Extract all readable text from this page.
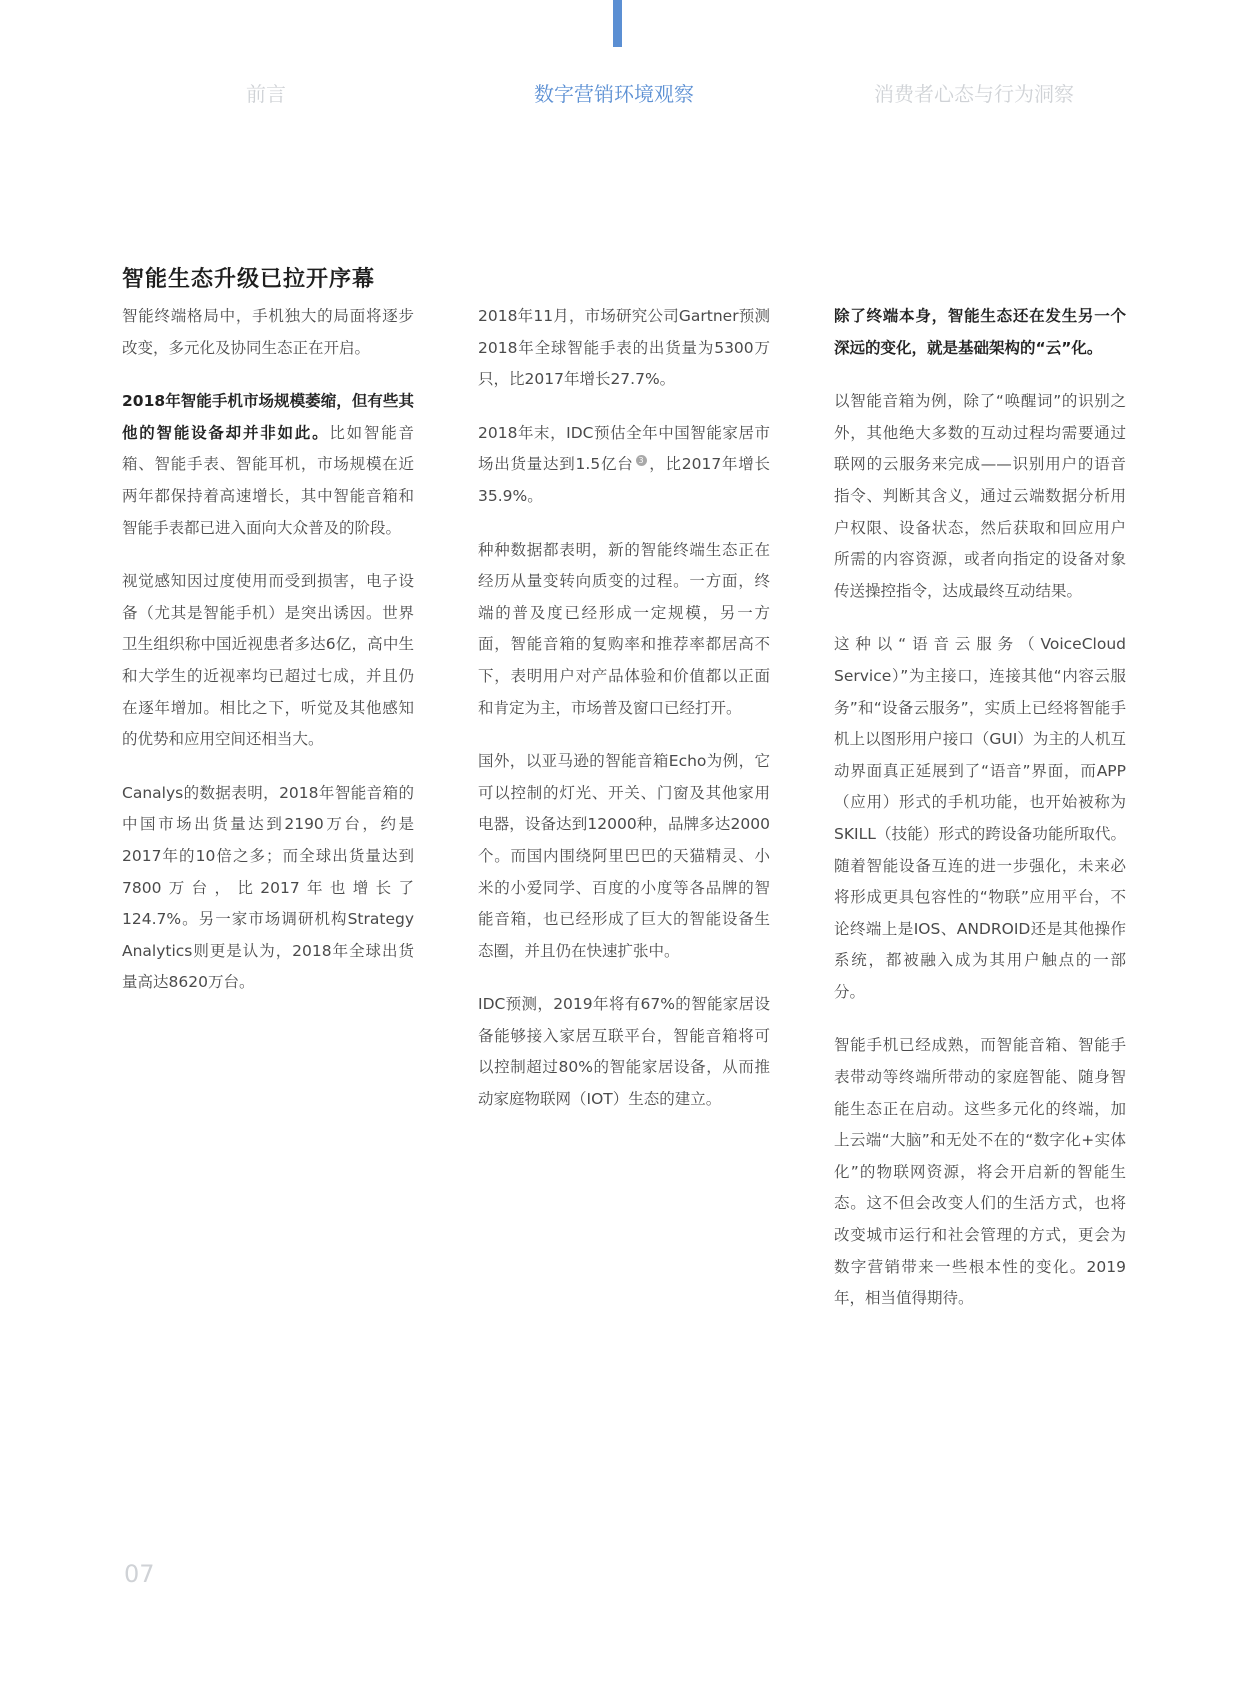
前言	数字营销环境观察	消费者心态与行为洞察
智能生态升级已拉开序幕

智能终端格局中，手机独大的局面将逐步改变，多元化及协同生态正在开启。

2018年智能手机市场规模萎缩，但有些其他的智能设备却并非如此。比如智能音箱、智能手表、智能耳机，市场规模在近两年都保持着高速增长，其中智能音箱和智能手表都已进入面向大众普及的阶段。

视觉感知因过度使用而受到损害，电子设备（尤其是智能手机）是突出诱因。世界卫生组织称中国近视患者多达6亿，高中生和大学生的近视率均已超过七成，并且仍在逐年增加。相比之下，听觉及其他感知的优势和应用空间还相当大。

Canalys的数据表明，2018年智能音箱的中国市场出货量达到2190万台，约是2017年的10倍之多；而全球出货量达到7800万台，比2017年也增长了124.7%。另一家市场调研机构Strategy Analytics则更是认为，2018年全球出货量高达8620万台。

2018年11月，市场研究公司Gartner预测2018年全球智能手表的出货量为5300万只，比2017年增长27.7%。

2018年末，IDC预估全年中国智能家居市场出货量达到1.5亿台 3 ，比2017年增长35.9%。

种种数据都表明，新的智能终端生态正在经历从量变转向质变的过程。一方面，终端的普及度已经形成一定规模，另一方面，智能音箱的复购率和推荐率都居高不下，表明用户对产品体验和价值都以正面和肯定为主，市场普及窗口已经打开。

国外，以亚马逊的智能音箱Echo为例，它可以控制的灯光、开关、门窗及其他家用电器，设备达到12000种，品牌多达2000个。而国内围绕阿里巴巴的天猫精灵、小米的小爱同学、百度的小度等各品牌的智能音箱，也已经形成了巨大的智能设备生态圈，并且仍在快速扩张中。

IDC预测，2019年将有67%的智能家居设备能够接入家居互联平台，智能音箱将可以控制超过80%的智能家居设备，从而推动家庭物联网（IOT）生态的建立。

除了终端本身，智能生态还在发生另一个深远的变化，就是基础架构的“云”化。

以智能音箱为例，除了“唤醒词”的识别之外，其他绝大多数的互动过程均需要通过联网的云服务来完成——识别用户的语音指令、判断其含义，通过云端数据分析用户权限、设备状态，然后获取和回应用户所需的内容资源，或者向指定的设备对象传送操控指令，达成最终互动结果。

这种以“语音云服务（VoiceCloud Service）”为主接口，连接其他“内容云服务”和“设备云服务”，实质上已经将智能手机上以图形用户接口（GUI）为主的人机互动界面真正延展到了“语音”界面，而APP（应用）形式的手机功能，也开始被称为SKILL（技能）形式的跨设备功能所取代。随着智能设备互连的进一步强化，未来必将形成更具包容性的“物联”应用平台，不论终端上是IOS、ANDROID还是其他操作系统，都被融入成为其用户触点的一部分。

智能手机已经成熟，而智能音箱、智能手表带动等终端所带动的家庭智能、随身智能生态正在启动。这些多元化的终端，加上云端“大脑”和无处不在的“数字化+实体化”的物联网资源，将会开启新的智能生态。这不但会改变人们的生活方式，也将改变城市运行和社会管理的方式，更会为数字营销带来一些根本性的变化。2019年，相当值得期待。

07
